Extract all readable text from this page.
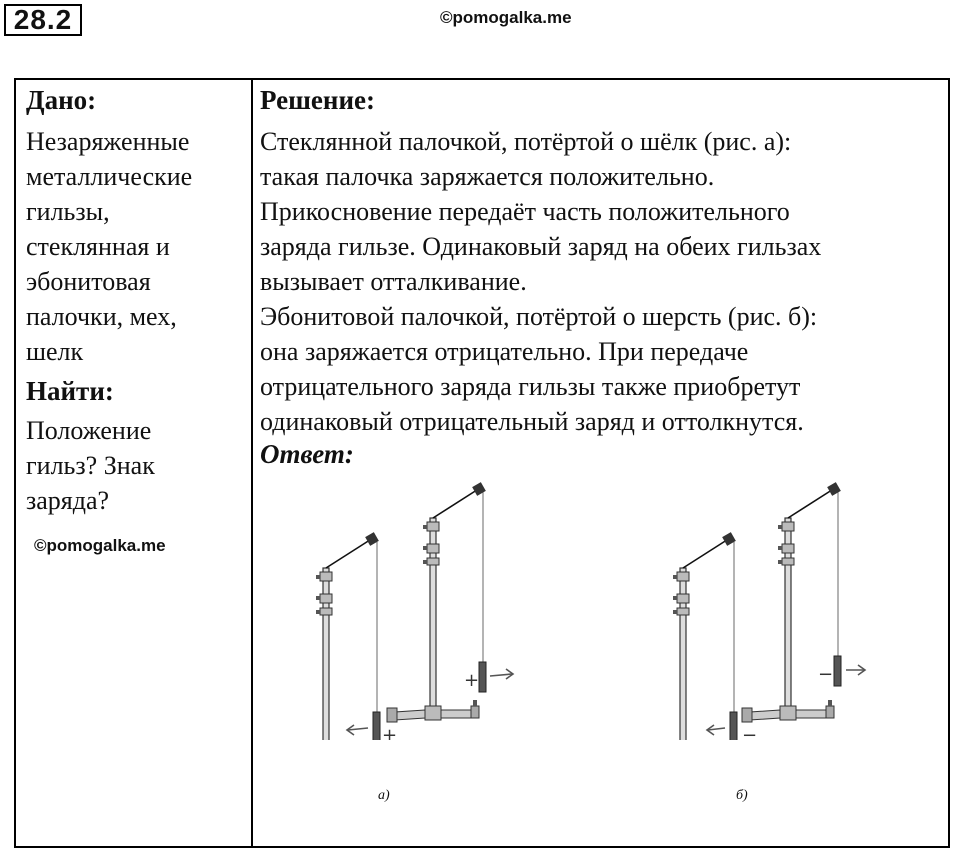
28.2	©pomogalka.me
Дано:
Незаряженные
металлические
гильзы,
стеклянная и
эбонитовая
палочки, мех,
шелк
Найти:
Положение
гильз? Знак
заряда?
Решение:
Стеклянной палочкой, потёртой о шёлк (рис. а):
такая палочка заряжается положительно.
Прикосновение передаёт часть положительного
заряда гильзе. Одинаковый заряд на обеих гильзах
вызывает отталкивание.
Эбонитовой палочкой, потёртой о шерсть (рис. б):
она заряжается отрицательно. При передаче
отрицательного заряда гильзы также приобретут
одинаковый отрицательный заряд и оттолкнутся.
Ответ:
©pomogalka.me
+
+
−
−
а)	б)
